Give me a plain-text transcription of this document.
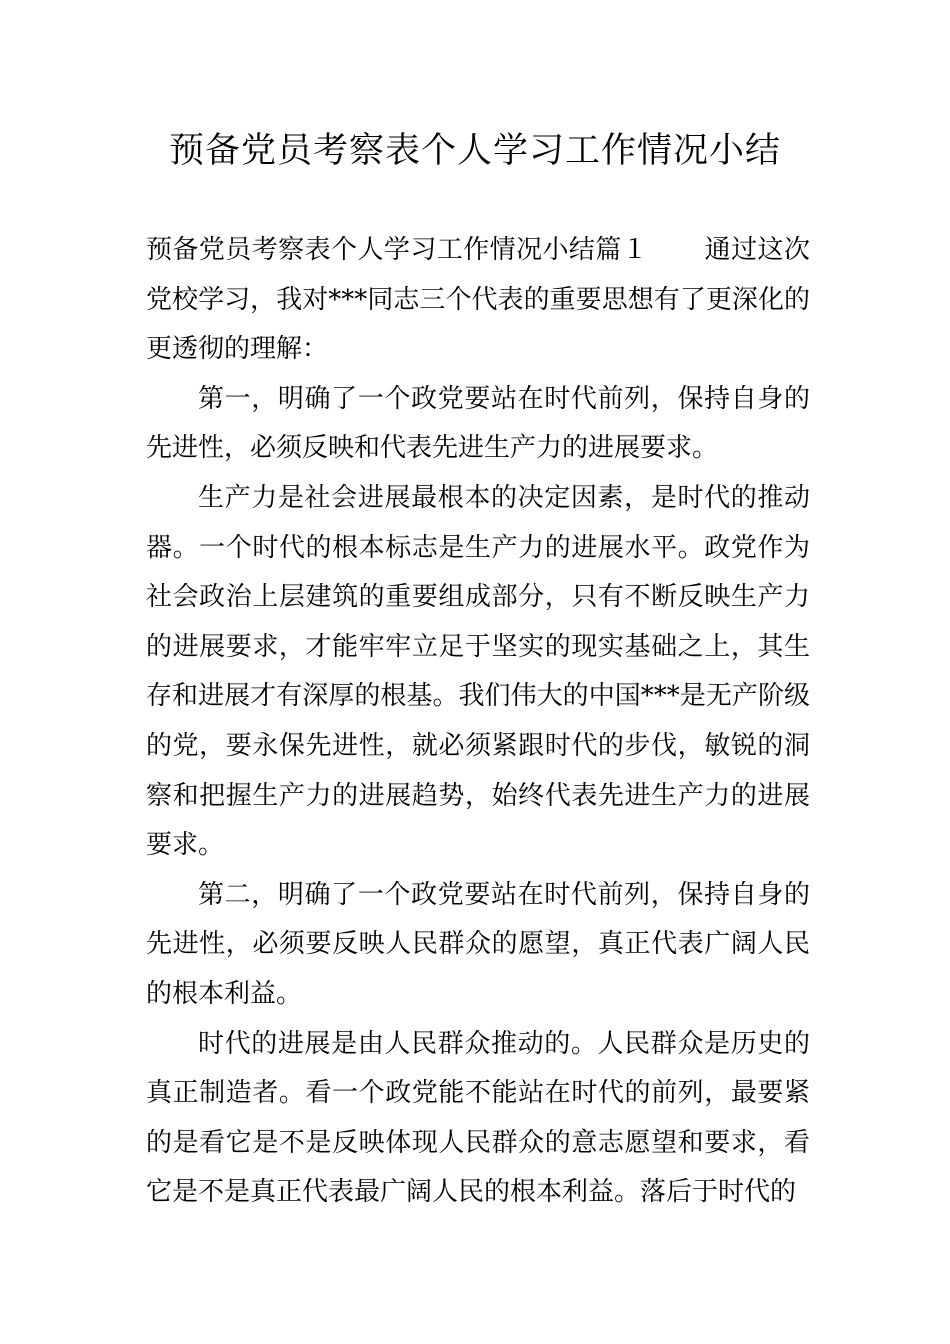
预备党员考察表个人学习工作情况小结

预备党员考察表个人学习工作情况小结篇１ 通过这次党校学习，我对***同志三个代表的重要思想有了更深化的更透彻的理解：

第一，明确了一个政党要站在时代前列，保持自身的先进性，必须反映和代表先进生产力的进展要求。

生产力是社会进展最根本的决定因素，是时代的推动器。一个时代的根本标志是生产力的进展水平。政党作为社会政治上层建筑的重要组成部分，只有不断反映生产力的进展要求，才能牢牢立足于坚实的现实基础之上，其生存和进展才有深厚的根基。我们伟大的中国***是无产阶级的党，要永保先进性，就必须紧跟时代的步伐，敏锐的洞察和把握生产力的进展趋势，始终代表先进生产力的进展要求。

第二，明确了一个政党要站在时代前列，保持自身的先进性，必须要反映人民群众的愿望，真正代表广阔人民的根本利益。

时代的进展是由人民群众推动的。人民群众是历史的真正制造者。看一个政党能不能站在时代的前列，最要紧的是看它是不是反映体现人民群众的意志愿望和要求，看它是不是真正代表最广阔人民的根本利益。落后于时代的
